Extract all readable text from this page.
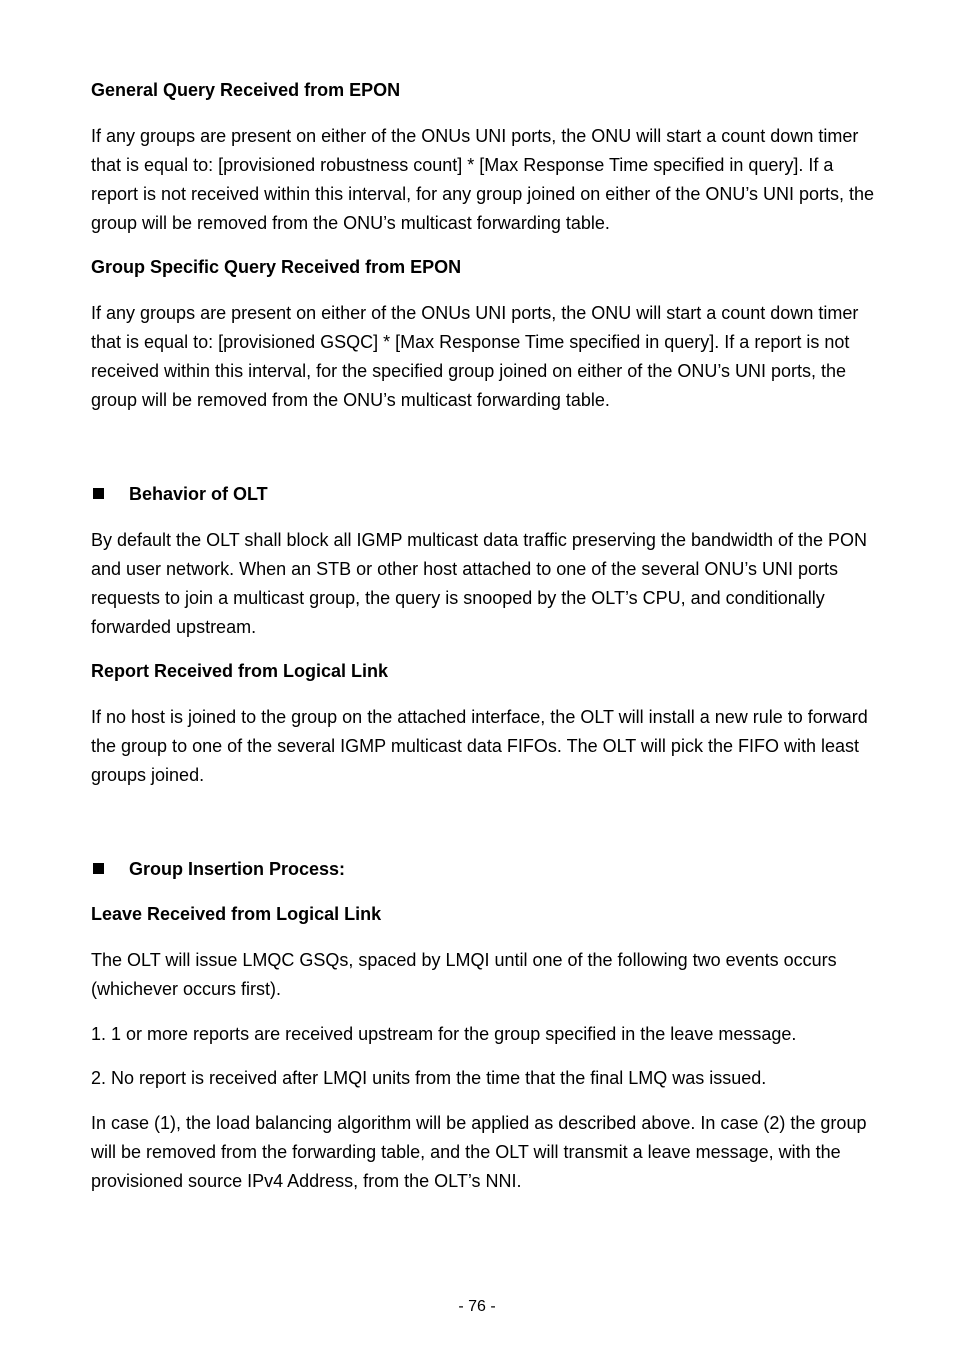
General Query Received from EPON

If any groups are present on either of the ONUs UNI ports, the ONU will start a count down timer that is equal to: [provisioned robustness count] * [Max Response Time specified in query]. If a report is not received within this interval, for any group joined on either of the ONU’s UNI ports, the group will be removed from the ONU’s multicast forwarding table.

Group Specific Query Received from EPON

If any groups are present on either of the ONUs UNI ports, the ONU will start a count down timer that is equal to: [provisioned GSQC] * [Max Response Time specified in query]. If a report is not received within this interval, for the specified group joined on either of the ONU’s UNI ports, the group will be removed from the ONU’s multicast forwarding table.

Behavior of OLT

By default the OLT shall block all IGMP multicast data traffic preserving the bandwidth of the PON and user network. When an STB or other host attached to one of the several ONU’s UNI ports requests to join a multicast group, the query is snooped by the OLT’s CPU, and conditionally forwarded upstream.

Report Received from Logical Link

If no host is joined to the group on the attached interface, the OLT will install a new rule to forward the group to one of the several IGMP multicast data FIFOs. The OLT will pick the FIFO with least groups joined.

Group Insertion Process:

Leave Received from Logical Link

The OLT will issue LMQC GSQs, spaced by LMQI until one of the following two events occurs (whichever occurs first).

1. 1 or more reports are received upstream for the group specified in the leave message.

2. No report is received after LMQI units from the time that the final LMQ was issued.

In case (1), the load balancing algorithm will be applied as described above. In case (2) the group will be removed from the forwarding table, and the OLT will transmit a leave message, with the provisioned source IPv4 Address, from the OLT’s NNI.

- 76 -
